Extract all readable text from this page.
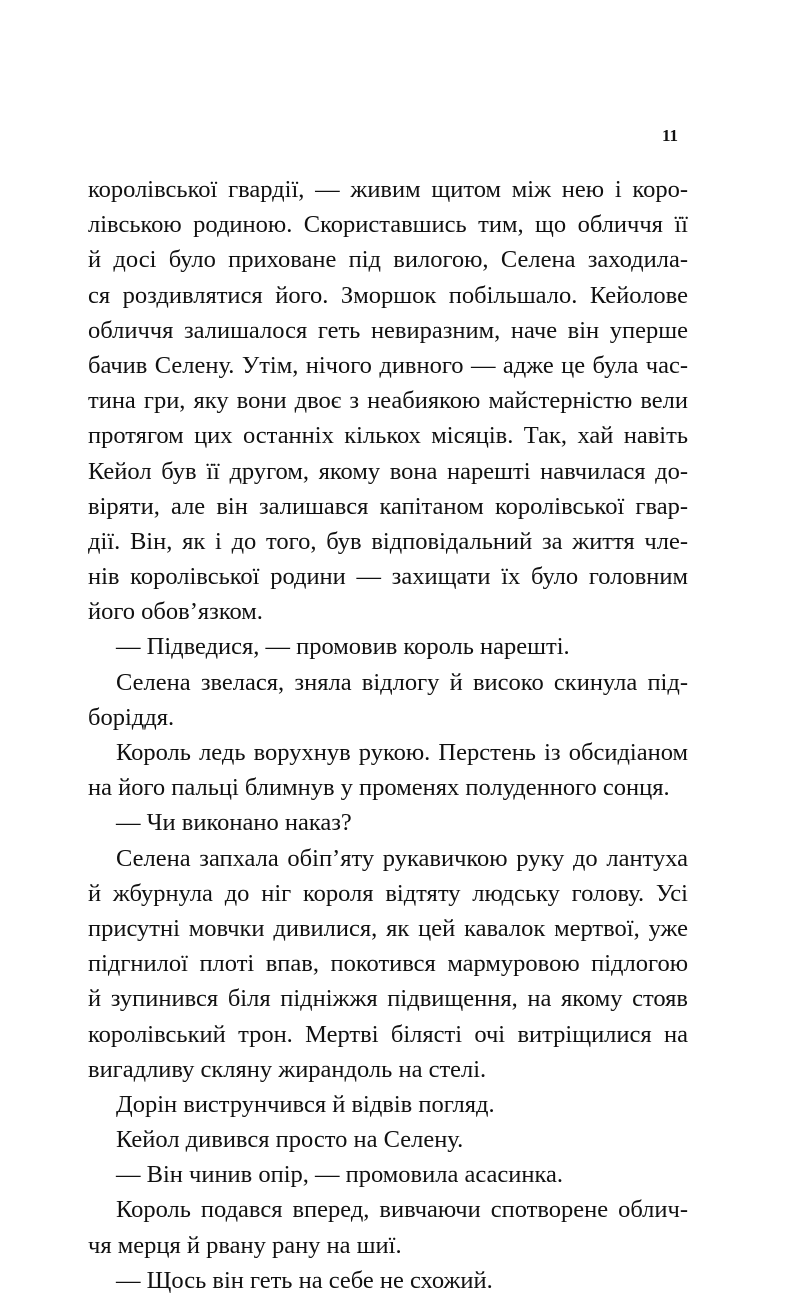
11
королівської гвардії, — живим щитом між нею і коро-
лівською родиною. Скориставшись тим, що обличчя її
й досі було приховане під вилогою, Селена заходила-
ся роздивлятися його. Зморшок побільшало. Кейолове
обличчя залишалося геть невиразним, наче він уперше
бачив Селену. Утім, нічого дивного — адже це була час-
тина гри, яку вони двоє з неабиякою майстерністю вели
протягом цих останніх кількох місяців. Так, хай навіть
Кейол був її другом, якому вона нарешті навчилася до-
віряти, але він залишався капітаном королівської гвар-
дії. Він, як і до того, був відповідальний за життя чле-
нів королівської родини — захищати їх було головним
його обов’язком.
— Підведися, — промовив король нарешті.
Селена звелася, зняла відлогу й високо скинула під-
боріддя.
Король ледь ворухнув рукою. Перстень із обсидіаном
на його пальці блимнув у променях полуденного сонця.
— Чи виконано наказ?
Селена запхала обіп’яту рукавичкою руку до лантуха
й жбурнула до ніг короля відтяту людську голову. Усі
присутні мовчки дивилися, як цей кавалок мертвої, уже
підгнилої плоті впав, покотився мармуровою підлогою
й зупинився біля підніжжя підвищення, на якому стояв
королівський трон. Мертві білясті очі витріщилися на
вигадливу скляну жирандоль на стелі.
Дорін виструнчився й відвів погляд.
Кейол дивився просто на Селену.
— Він чинив опір, — промовила асасинка.
Король подався вперед, вивчаючи спотворене облич-
чя мерця й рвану рану на шиї.
— Щось він геть на себе не схожий.
